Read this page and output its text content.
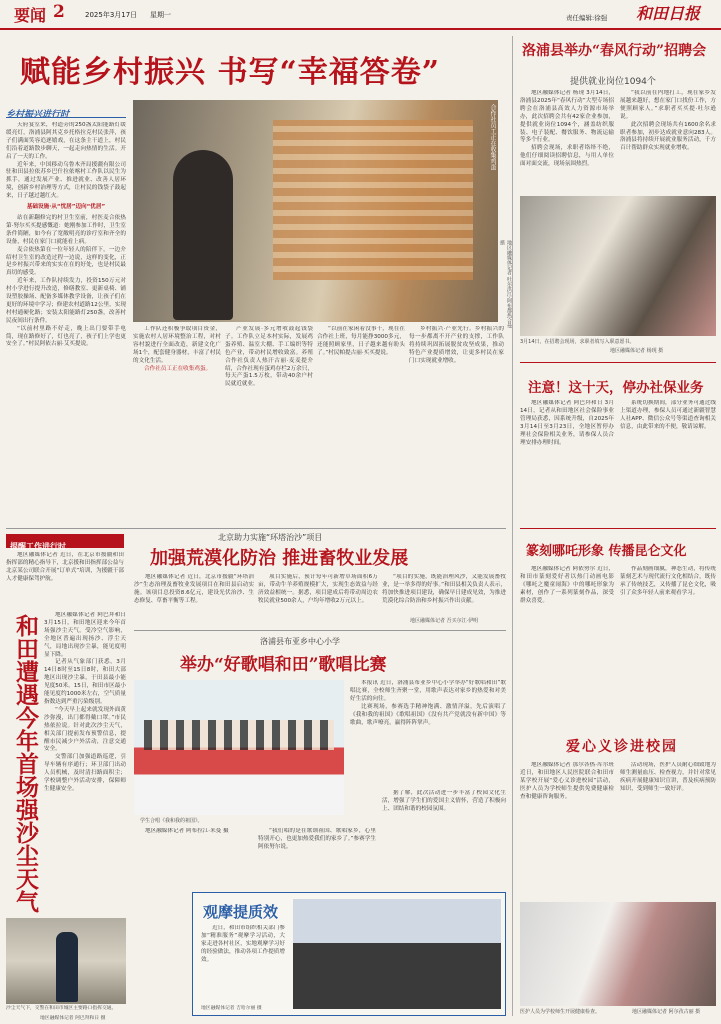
要闻 2	2025年3月17日 星期一	责任编辑:徐强 和田日报
赋能乡村振兴 书写“幸福答卷”
乡村振兴进行时

天府宴室来，村道旁的250盏太阳能路灯缓缓亮灯，洛浦县阿其克乡托格拉克村民张萍，孩子们满面笑容追逐嬉戏，在这条主干道上，村民们沿着道路散步聊天，一起走向热情的生活。开启了一天的工作。

近年来，中国移动乌鲁木齐局援疆有限公司驻和田县拉依苏乡巴什拉依喀村工作队以民生为抓手，通过发展产业、推进就业、改善人居环境，创新乡村治理等方式，让村民的钱袋子鼓起来，日子越过越红火。

基础设施·从“忧居”迈向“优居”

站在新翻修完的村卫生室前，村医麦合依热第·努尔买买提感慨道：她刚参加工作时，卫生室条件简陋，如今有了宽敞明亮的诊疗室和齐全的设备，村民在家门口就能看上病。

麦合依热第在一位年轻人的陪伴下，一边介绍村卫生室的改造过程一边说，这样的变化，正是乡村振兴带来的实实在在的好处，也是村民最真切的感受。

近年来，工作队持续发力，投资150万元对村小学进行提升改造，修缮教室、更新桌椅、铺设塑胶操场、配备多媒体教学设备，让孩子们在更好的环境中学习；修建农村道路12公里，实现村村通硬化路；安装太阳能路灯250盏，改善村民夜间出行条件。

“以前村里路不好走，晚上出门要带手电筒，现在路修好了，灯也亮了，孩子们上学也更安全了。”村民阿依古丽·艾买提说。

合作社员工正在收集鸡蛋
地区融媒体记者 吐尔洪江·阿布都热合曼 摄

工作队还积极争取项目资金，实施农村人居环境整治工程，对村容村貌进行全面改造，新建文化广场1个，配套健身器材，丰富了村民的文化生活。

合作社员工正在收集鸡蛋。

产业发展·多元增收鼓起钱袋子。工作队立足本村实际，发展鸡蛋养殖、温室大棚、手工编织等特色产业，带动村民增收致富。养殖合作社负责人热汗古丽·麦麦提介绍，合作社现有蛋鸡存栏2万余只，每天产蛋1.5万枚，带动40余户村民就近就业。

“以前在家闲着没事干，现在在合作社上班，每月能挣3000多元，还能照顾家里，日子越来越有盼头了。”村民帕提古丽·买买提说。

乡村振兴·产业先行。乡村振兴的每一步都离不开产业的支撑，工作队将持续巩固拓展脱贫攻坚成果，推动特色产业提质增效，让更多村民在家门口实现就业增收。

洛浦县举办“春风行动”招聘会
提供就业岗位1094个

地区融媒体记者 杨现 3月14日，洛浦县2025年“春风行动”大型专场招聘会在洛浦县高效人力资源市场举办，此次招聘会共有42家企业参加，提供就业岗位1094个，涵盖纺织服装、电子装配、餐饮服务、物流运输等多个行业。

招聘会现场，求职者络绎不绝，他们仔细阅读招聘信息，与用人单位面对面交流，现场氛围热烈。

“我以前在内地打工，现在家乡发展越来越好，想在家门口找份工作，方便照顾家人。”求职者买买提·吐尔逊说。

此次招聘会现场共有1600余名求职者参加，初步达成就业意向283人。洛浦县将持续开展就业服务活动，千方百计帮助群众实现就业增收。

3月14日，在招聘会现场，求职者填写入职意愿书。
地区融媒体记者 杨现 摄
注意！这十天，停办社保业务

地区融媒体记者 阿巴拜和日 3月14日，记者从和田地区社会保险事业管理局获悉，因系统升级，自2025年3月14日至3月23日，全地区暂停办理社会保险相关业务，请参保人员合理安排办理时间。

系统切换期间，部分业务可通过线上渠道办理，参保人员可通过新疆智慧人社APP、微信公众号等渠道查询相关信息，由此带来的不便，敬请谅解。

篆刻哪吒形象 传播昆仑文化

地区融媒体记者 阿依努尔 近日，和田市篆刻爱好者以热门动画电影《哪吒之魔童闹海》中的哪吒形象为素材，创作了一系列篆刻作品，深受群众喜爱。

作品刻画细腻，神态生动，将传统篆刻艺术与现代流行文化相结合，既传承了传统技艺，又传播了昆仑文化，吸引了众多年轻人前来观看学习。

爱心义诊进校园

地区融媒体记者 那尔各热·库尔班 近日，和田地区人民医院联合和田市某学校开展“爱心义诊进校园”活动，医护人员为学校师生提供免费健康检查和健康咨询服务。

活动现场，医护人员耐心细致地为师生测量血压、检查视力，并针对常见疾病开展健康知识宣讲，普及疾病预防知识，受到师生一致好评。

医护人员为学校师生开展健康检查。	地区融媒体记者 阿尔孜古丽 摄
提醒工作进行时

地区融媒体记者 近日，在北京市援疆和田指挥部的精心指导下，北京援和田指挥部公益与北京某公司联合开展“订单式”培训，为援疆干部人才健康保驾护航。

和田遭遇今年首场强沙尘天气	地区融媒体记者 阿巴拜和日 3月15日，和田地区迎来今年首场强沙尘天气。受冷空气影响，全地区普遍出现扬沙、浮尘天气，局地出现沙尘暴，能见度明显下降。

记者从气象部门获悉，3月14日8时至15日8时，和田大部地区出现沙尘暴，于田县最小能见度50米。15日，和田市区最小能见度约1000米左右，空气质量指数达到严重污染级别。

“今天早上起来就发现外面黄沙弥漫，出门都得戴口罩。”市民热依拉说。针对此次沙尘天气，相关部门提前发布预警信息，提醒市民减少户外活动，注意交通安全。

交警部门加强道路巡逻，引导车辆有序通行；环卫部门出动人员机械，及时清扫路面积尘；学校调整户外活动安排，保障师生健康安全。

沙尘天气下，交警在和田市城区主要路口指挥交通。
地区融媒体记者 阿巴拜和日 摄
北京助力实施“环塔治沙”项目
加强荒漠化防治 推进畜牧业发展

地区融媒体记者 近日，北京市援疆“环塔治沙”生态治理及畜牧业发展项目在和田县启动实施。该项目总投资8.6亿元，建设光伏治沙、生态修复、草畜平衡等工程。

项目实施后，预计每年可新增草场面积6万亩，带动牛羊养殖规模扩大，实现生态效益与经济效益相统一。据悉，项目建成后将带动周边农牧民就业500余人，户均年增收2万元以上。

“项目的实施，既能治理风沙，又能发展畜牧业，是一举多得的好事。”和田县相关负责人表示，将加快推进项目建设，确保早日建成见效，为推进荒漠化综合防治和乡村振兴作出贡献。

地区融媒体记者 吾买尔江·伊明
洛浦县布亚乡中心小学
举办“好歌唱和田”歌唱比赛
学生合唱《我和我的祖国》。

本报讯 近日，洛浦县布亚乡中心小学举办“好歌唱和田”歌唱比赛，全校师生齐聚一堂，用歌声表达对家乡的热爱和对美好生活的向往。

比赛现场，参赛选手精神饱满、激情洋溢，先后演唱了《我和我的祖国》《歌唱祖国》《没有共产党就没有新中国》等歌曲，歌声嘹亮，赢得阵阵掌声。

地区融媒体记者 阿布拉江·米曼 摄	“我们唱的是在歌颂祖国、歌唱家乡，心里特别开心，也更加热爱我们的家乡了。”参赛学生阿依努尔说。

据了解，此次活动进一步丰富了校园文化生活，增强了学生们的爱国主义情怀，营造了积极向上、团结和谐的校园氛围。

观摩提质效

近日，和田市组织相关部门参加“精准服务”观摩学习活动，大家走进各村社区，实地观摩学习好的经验做法，推动各项工作提质增效。

地区融媒体记者 吉哈尔丽 摄
